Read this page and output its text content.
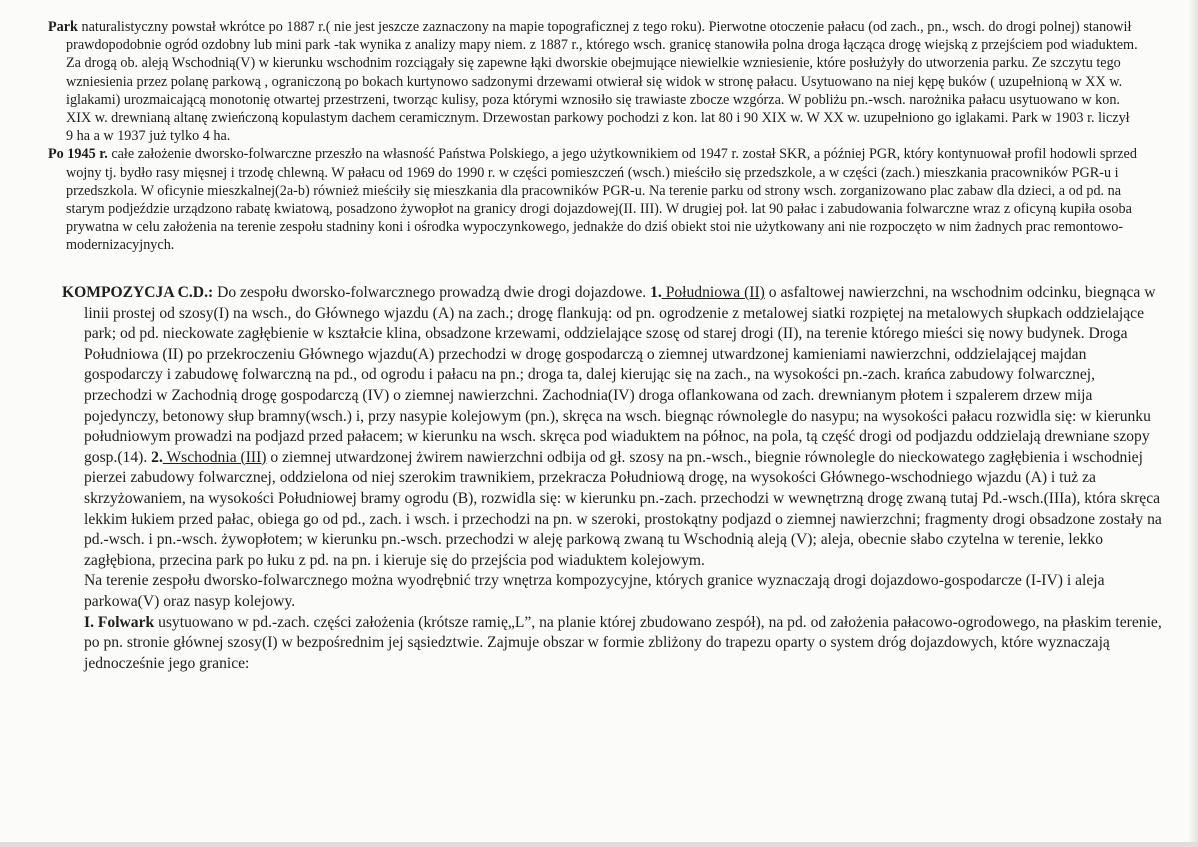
Park naturalistyczny powstał wkrótce po 1887 r.( nie jest jeszcze zaznaczony na mapie topograficznej z tego roku). Pierwotne otoczenie pałacu (od zach., pn., wsch. do drogi polnej) stanowił prawdopodobnie ogród ozdobny lub mini park -tak wynika z analizy mapy niem. z 1887 r., którego wsch. granicę stanowiła polna droga łącząca drogę wiejską z przejściem pod wiaduktem. Za drogą ob. aleją Wschodnią(V) w kierunku wschodnim rozciągały się zapewne łąki dworskie obejmujące niewielkie wzniesienie, które posłużyły do utworzenia parku. Ze szczytu tego wzniesienia przez polanę parkową , ograniczoną po bokach kurtynowo sadzonymi drzewami otwierał się widok w stronę pałacu. Usytuowano na niej kępę buków ( uzupełnioną w XX w. iglakami) urozmaicającą monotonię otwartej przestrzeni, tworząc kulisy, poza którymi wznosiło się trawiaste zbocze wzgórza. W pobliżu pn.-wsch. narożnika pałacu usytuowano w kon. XIX w. drewnianą altanę zwieńczoną kopulastym dachem ceramicznym. Drzewostan parkowy pochodzi z kon. lat 80 i 90 XIX w. W XX w. uzupełniono go iglakami. Park w 1903 r. liczył 9 ha a w 1937 już tylko 4 ha.

Po 1945 r. całe założenie dworsko-folwarczne przeszło na własność Państwa Polskiego, a jego użytkownikiem od 1947 r. został SKR, a później PGR, który kontynuował profil hodowli sprzed wojny tj. bydło rasy mięsnej i trzodę chlewną. W pałacu od 1969 do 1990 r. w części pomieszczeń (wsch.) mieściło się przedszkole, a w części (zach.) mieszkania pracowników PGR-u i przedszkola. W oficynie mieszkalnej(2a-b) również mieściły się mieszkania dla pracowników PGR-u. Na terenie parku od strony wsch. zorganizowano plac zabaw dla dzieci, a od pd. na starym podjeździe urządzono rabatę kwiatową, posadzono żywopłot na granicy drogi dojazdowej(II. III). W drugiej poł. lat 90 pałac i zabudowania folwarczne wraz z oficyną kupiła osoba prywatna w celu założenia na terenie zespołu stadniny koni i ośrodka wypoczynkowego, jednakże do dziś obiekt stoi nie użytkowany ani nie rozpoczęto w nim żadnych prac remontowo-modernizacyjnych.

KOMPOZYCJA C.D.: Do zespołu dworsko-folwarcznego prowadzą dwie drogi dojazdowe. 1. Południowa (II) o asfaltowej nawierzchni, na wschodnim odcinku, biegnąca w linii prostej od szosy(I) na wsch., do Głównego wjazdu (A) na zach.; drogę flankują: od pn. ogrodzenie z metalowej siatki rozpiętej na metalowych słupkach oddzielające park; od pd. nieckowate zagłębienie w kształcie klina, obsadzone krzewami, oddzielające szosę od starej drogi (II), na terenie którego mieści się nowy budynek. Droga Południowa (II) po przekroczeniu Głównego wjazdu(A) przechodzi w drogę gospodarczą o ziemnej utwardzonej kamieniami nawierzchni, oddzielającej majdan gospodarczy i zabudowę folwarczną na pd., od ogrodu i pałacu na pn.; droga ta, dalej kierując się na zach., na wysokości pn.-zach. krańca zabudowy folwarcznej, przechodzi w Zachodnią drogę gospodarczą (IV) o ziemnej nawierzchni. Zachodnia(IV) droga oflankowana od zach. drewnianym płotem i szpalerem drzew mija pojedynczy, betonowy słup bramny(wsch.) i, przy nasypie kolejowym (pn.), skręca na wsch. biegnąc równolegle do nasypu; na wysokości pałacu rozwidla się: w kierunku południowym prowadzi na podjazd przed pałacem; w kierunku na wsch. skręca pod wiaduktem na północ, na pola, tą część drogi od podjazdu oddzielają drewniane szopy gosp.(14). 2. Wschodnia (III) o ziemnej utwardzonej żwirem nawierzchni odbija od gł. szosy na pn.-wsch., biegnie równolegle do nieckowatego zagłębienia i wschodniej pierzei zabudowy folwarcznej, oddzielona od niej szerokim trawnikiem, przekracza Południową drogę, na wysokości Głównego-wschodniego wjazdu (A) i tuż za skrzyżowaniem, na wysokości Południowej bramy ogrodu (B), rozwidla się: w kierunku pn.-zach. przechodzi w wewnętrzną drogę zwaną tutaj Pd.-wsch.(IIIa), która skręca lekkim łukiem przed pałac, obiega go od pd., zach. i wsch. i przechodzi na pn. w szeroki, prostokątny podjazd o ziemnej nawierzchni; fragmenty drogi obsadzone zostały na pd.-wsch. i pn.-wsch. żywopłotem; w kierunku pn.-wsch. przechodzi w aleję parkową zwaną tu Wschodnią aleją (V); aleja, obecnie słabo czytelna w terenie, lekko zagłębiona, przecina park po łuku z pd. na pn. i kieruje się do przejścia pod wiaduktem kolejowym.

Na terenie zespołu dworsko-folwarcznego można wyodrębnić trzy wnętrza kompozycyjne, których granice wyznaczają drogi dojazdowo-gospodarcze (I-IV) i aleja parkowa(V) oraz nasyp kolejowy.

I. Folwark usytuowano w pd.-zach. części założenia (krótsze ramię„L”, na planie której zbudowano zespół), na pd. od założenia pałacowo-ogrodowego, na płaskim terenie, po pn. stronie głównej szosy(I) w bezpośrednim jej sąsiedztwie. Zajmuje obszar w formie zbliżony do trapezu oparty o system dróg dojazdowych, które wyznaczają jednocześnie jego granice:
